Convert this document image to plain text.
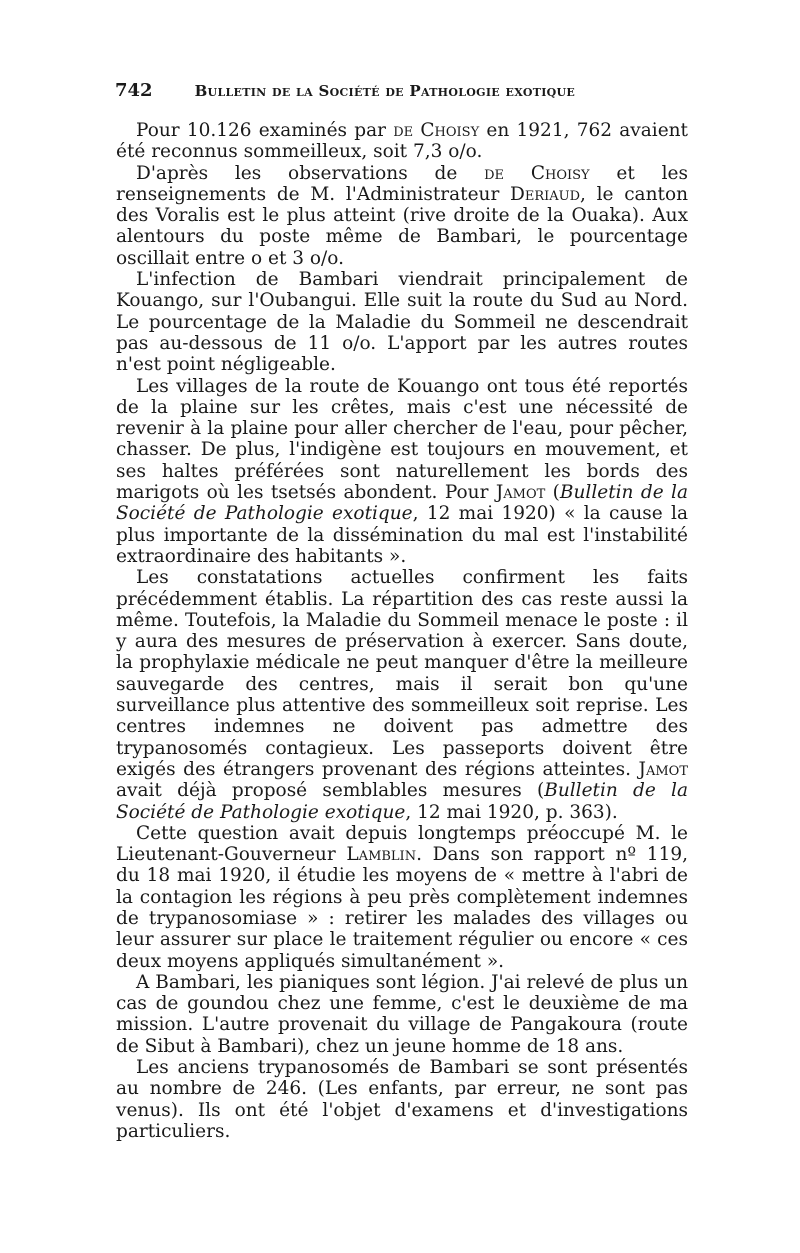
742	Bulletin de la Société de Pathologie exotique

Pour 10.126 examinés par de Choisy en 1921, 762 avaient été reconnus sommeilleux, soit 7,3 o/o.

D'après les observations de de Choisy et les renseignements de M. l'Administrateur Deriaud, le canton des Voralis est le plus atteint (rive droite de la Ouaka). Aux alentours du poste même de Bambari, le pourcentage oscillait entre o et 3 o/o.

L'infection de Bambari viendrait principalement de Kouango, sur l'Oubangui. Elle suit la route du Sud au Nord. Le pourcentage de la Maladie du Sommeil ne descendrait pas au-dessous de 11 o/o. L'apport par les autres routes n'est point négligeable.

Les villages de la route de Kouango ont tous été reportés de la plaine sur les crêtes, mais c'est une nécessité de revenir à la plaine pour aller chercher de l'eau, pour pêcher, chasser. De plus, l'indigène est toujours en mouvement, et ses haltes préférées sont naturellement les bords des marigots où les tsetsés abondent. Pour Jamot (Bulletin de la Société de Pathologie exotique, 12 mai 1920) « la cause la plus importante de la dissémination du mal est l'instabilité extraordinaire des habitants ».

Les constatations actuelles confirment les faits précédemment établis. La répartition des cas reste aussi la même. Toutefois, la Maladie du Sommeil menace le poste : il y aura des mesures de préservation à exercer. Sans doute, la prophylaxie médicale ne peut manquer d'être la meilleure sauvegarde des centres, mais il serait bon qu'une surveillance plus attentive des sommeilleux soit reprise. Les centres indemnes ne doivent pas admettre des trypanosomés contagieux. Les passeports doivent être exigés des étrangers provenant des régions atteintes. Jamot avait déjà proposé semblables mesures (Bulletin de la Société de Pathologie exotique, 12 mai 1920, p. 363).

Cette question avait depuis longtemps préoccupé M. le Lieutenant-Gouverneur Lamblin. Dans son rapport nº 119, du 18 mai 1920, il étudie les moyens de « mettre à l'abri de la contagion les régions à peu près complètement indemnes de trypanosomiase » : retirer les malades des villages ou leur assurer sur place le traitement régulier ou encore « ces deux moyens appliqués simultanément ».

A Bambari, les pianiques sont légion. J'ai relevé de plus un cas de goundou chez une femme, c'est le deuxième de ma mission. L'autre provenait du village de Pangakoura (route de Sibut à Bambari), chez un jeune homme de 18 ans.

Les anciens trypanosomés de Bambari se sont présentés au nombre de 246. (Les enfants, par erreur, ne sont pas venus). Ils ont été l'objet d'examens et d'investigations particuliers.
